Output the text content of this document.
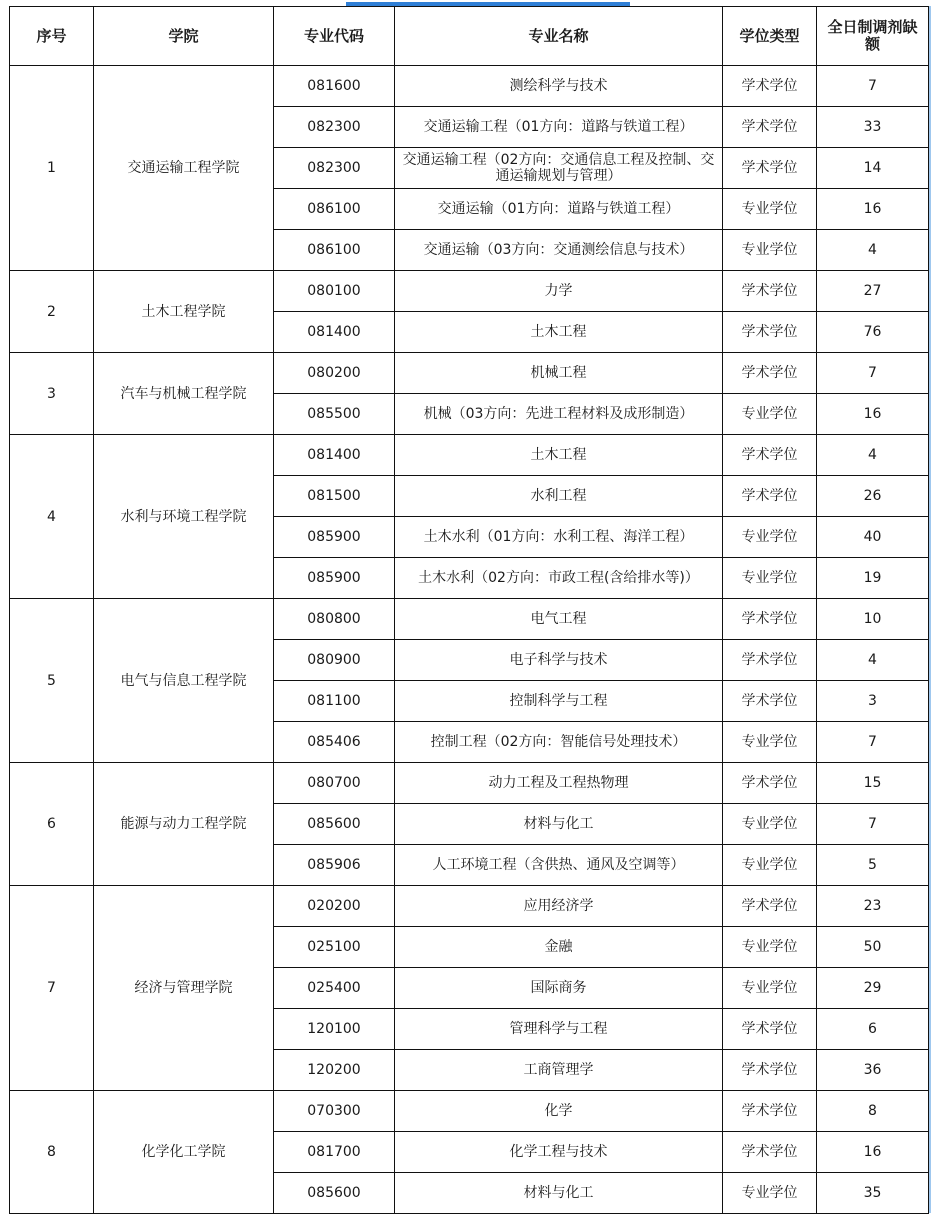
序号	学院	专业代码	专业名称	学位类型	全日制调剂缺额
1	交通运输工程学院	081600	测绘科学与技术	学术学位	7
		082300	交通运输工程（01方向：道路与铁道工程）	学术学位	33
		082300	交通运输工程（02方向：交通信息工程及控制、交通运输规划与管理）	学术学位	14
		086100	交通运输（01方向：道路与铁道工程）	专业学位	16
		086100	交通运输（03方向：交通测绘信息与技术）	专业学位	4
2	土木工程学院	080100	力学	学术学位	27
		081400	土木工程	学术学位	76
3	汽车与机械工程学院	080200	机械工程	学术学位	7
		085500	机械（03方向：先进工程材料及成形制造）	专业学位	16
4	水利与环境工程学院	081400	土木工程	学术学位	4
		081500	水利工程	学术学位	26
		085900	土木水利（01方向：水利工程、海洋工程）	专业学位	40
		085900	土木水利（02方向：市政工程(含给排水等)）	专业学位	19
5	电气与信息工程学院	080800	电气工程	学术学位	10
		080900	电子科学与技术	学术学位	4
		081100	控制科学与工程	学术学位	3
		085406	控制工程（02方向：智能信号处理技术）	专业学位	7
6	能源与动力工程学院	080700	动力工程及工程热物理	学术学位	15
		085600	材料与化工	专业学位	7
		085906	人工环境工程（含供热、通风及空调等）	专业学位	5
7	经济与管理学院	020200	应用经济学	学术学位	23
		025100	金融	专业学位	50
		025400	国际商务	专业学位	29
		120100	管理科学与工程	学术学位	6
		120200	工商管理学	学术学位	36
8	化学化工学院	070300	化学	学术学位	8
		081700	化学工程与技术	学术学位	16
		085600	材料与化工	专业学位	35
